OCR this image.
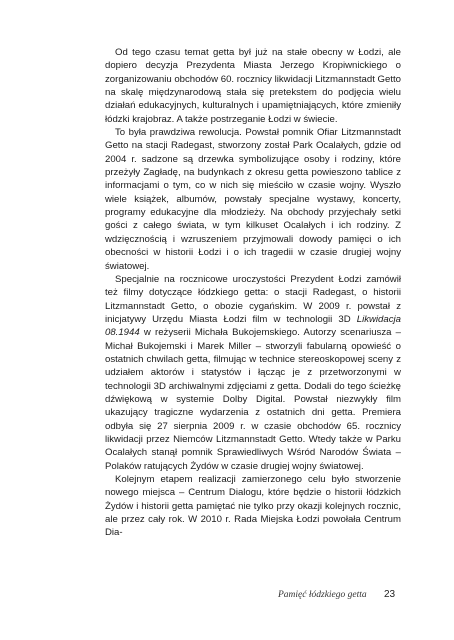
Od tego czasu temat getta był już na stałe obecny w Łodzi, ale dopiero decyzja Prezydenta Miasta Jerzego Kropiwnickiego o zorganizowaniu obchodów 60. rocznicy likwidacji Litzmannstadt Getto na skalę międzynarodową stała się pretekstem do podjęcia wielu działań edukacyjnych, kulturalnych i upamiętniających, które zmieniły łódzki krajobraz. A także postrzeganie Łodzi w świecie.

To była prawdziwa rewolucja. Powstał pomnik Ofiar Litzmannstadt Getto na stacji Radegast, stworzony został Park Ocalałych, gdzie od 2004 r. sadzone są drzewka symbolizujące osoby i rodziny, które przeżyły Zagładę, na budynkach z okresu getta powieszono tablice z informacjami o tym, co w nich się mieściło w czasie wojny. Wyszło wiele książek, albumów, powstały specjalne wystawy, koncerty, programy edukacyjne dla młodzieży. Na obchody przyjechały setki gości z całego świata, w tym kilkuset Ocalałych i ich rodziny. Z wdzięcznością i wzruszeniem przyjmowali dowody pamięci o ich obecności w historii Łodzi i o ich tragedii w czasie drugiej wojny światowej.

Specjalnie na rocznicowe uroczystości Prezydent Łodzi zamówił też filmy dotyczące łódzkiego getta: o stacji Radegast, o historii Litzmannstadt Getto, o obozie cygańskim. W 2009 r. powstał z inicjatywy Urzędu Miasta Łodzi film w technologii 3D Likwidacja 08.1944 w reżyserii Michała Bukojemskiego. Autorzy scenariusza – Michał Bukojemski i Marek Miller – stworzyli fabularną opowieść o ostatnich chwilach getta, filmując w technice stereoskopowej sceny z udziałem aktorów i statystów i łącząc je z przetworzonymi w technologii 3D archiwalnymi zdjęciami z getta. Dodali do tego ścieżkę dźwiękową w systemie Dolby Digital. Powstał niezwykły film ukazujący tragiczne wydarzenia z ostatnich dni getta. Premiera odbyła się 27 sierpnia 2009 r. w czasie obchodów 65. rocznicy likwidacji przez Niemców Litzmannstadt Getto. Wtedy także w Parku Ocalałych stanął pomnik Sprawiedliwych Wśród Narodów Świata – Polaków ratujących Żydów w czasie drugiej wojny światowej.

Kolejnym etapem realizacji zamierzonego celu było stworzenie nowego miejsca – Centrum Dialogu, które będzie o historii łódzkich Żydów i historii getta pamiętać nie tylko przy okazji kolejnych rocznic, ale przez cały rok. W 2010 r. Rada Miejska Łodzi powołała Centrum Dia-

Pamięć łódzkiego getta 23
